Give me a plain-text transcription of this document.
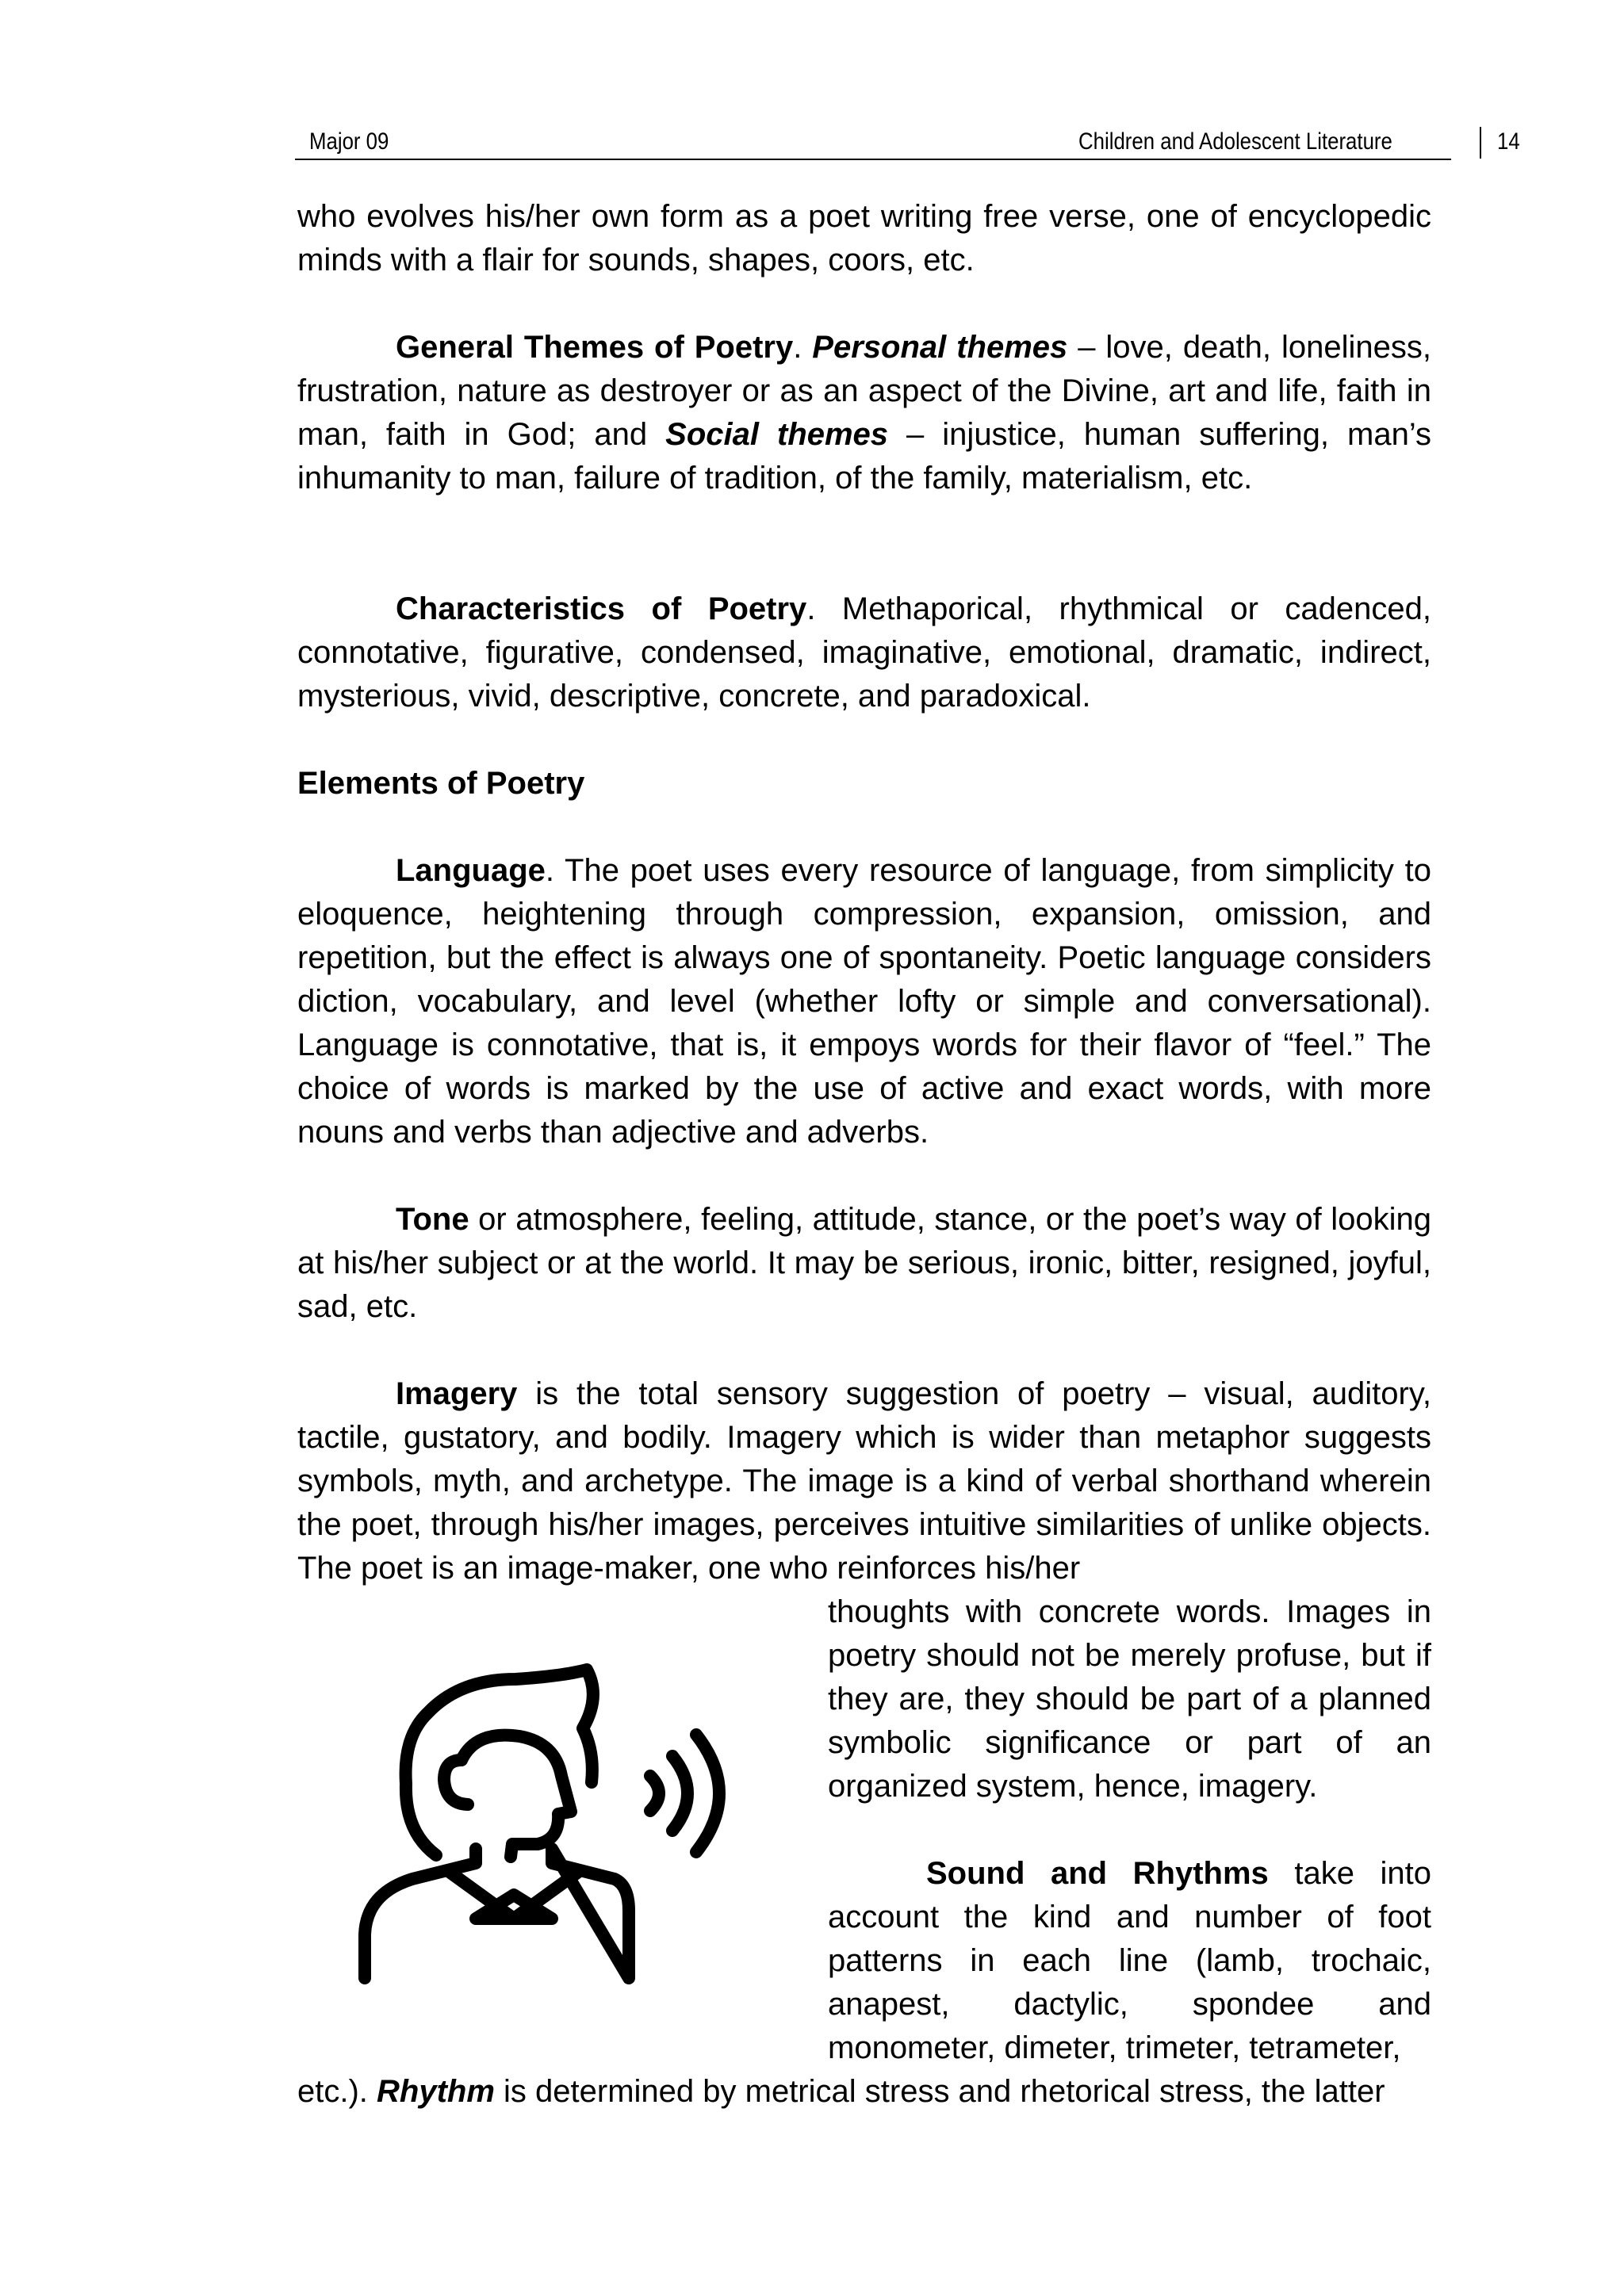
Major 09	Children and Adolescent Literature	14

who evolves his/her own form as a poet writing free verse, one of encyclopedic minds with a flair for sounds, shapes, coors, etc.

General Themes of Poetry. Personal themes – love, death, loneliness, frustration, nature as destroyer or as an aspect of the Divine, art and life, faith in man, faith in God; and Social themes – injustice, human suffering, man’s inhumanity to man, failure of tradition, of the family, materialism, etc.

Characteristics of Poetry. Methaporical, rhythmical or cadenced, connotative, figurative, condensed, imaginative, emotional, dramatic, indirect, mysterious, vivid, descriptive, concrete, and paradoxical.

Elements of Poetry

Language. The poet uses every resource of language, from simplicity to eloquence, heightening through compression, expansion, omission, and repetition, but the effect is always one of spontaneity. Poetic language considers diction, vocabulary, and level (whether lofty or simple and conversational). Language is connotative, that is, it empoys words for their flavor of “feel.” The choice of words is marked by the use of active and exact words, with more nouns and verbs than adjective and adverbs.

Tone or atmosphere, feeling, attitude, stance, or the poet’s way of looking at his/her subject or at the world. It may be serious, ironic, bitter, resigned, joyful, sad, etc.

Imagery is the total sensory suggestion of poetry – visual, auditory, tactile, gustatory, and bodily. Imagery which is wider than metaphor suggests symbols, myth, and archetype. The image is a kind of verbal shorthand wherein the poet, through his/her images, perceives intuitive similarities of unlike objects. The poet is an image-maker, one who reinforces his/her

thoughts with concrete words. Images in poetry should not be merely profuse, but if they are, they should be part of a planned symbolic significance or part of an organized system, hence, imagery.

Sound and Rhythms take into account the kind and number of foot patterns in each line (lamb, trochaic, anapest, dactylic, spondee and monometer, dimeter, trimeter, tetrameter,

etc.). Rhythm is determined by metrical stress and rhetorical stress, the latter
